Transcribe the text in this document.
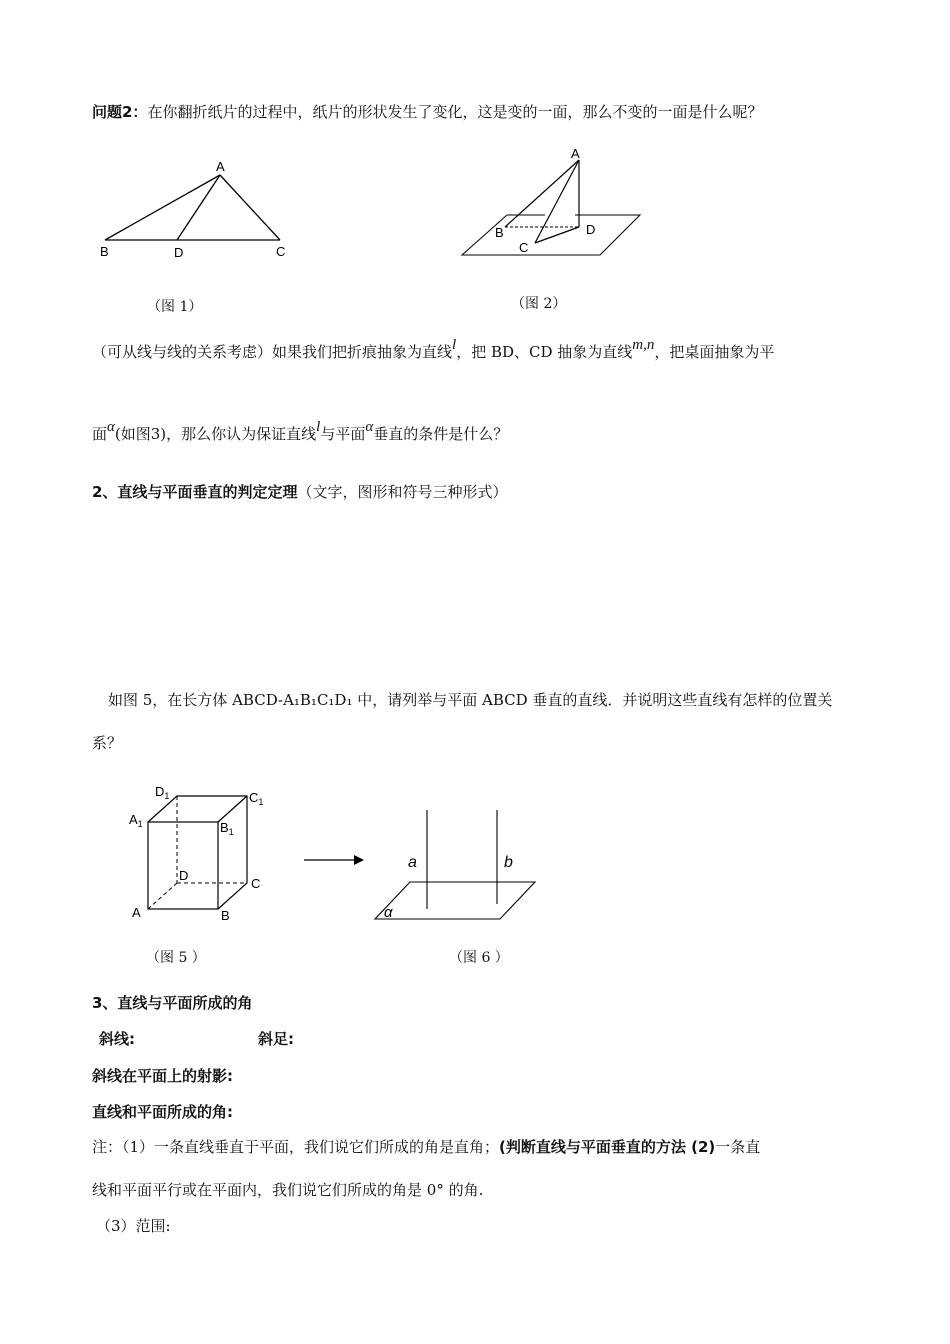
问题2：在你翻折纸片的过程中，纸片的形状发生了变化，这是变的一面，那么不变的一面是什么呢？
A
B	D	C
（图 1）
A
B
C
D
（图 2）
（可从线与线的关系考虑）如果我们把折痕抽象为直线l，把 BD、CD 抽象为直线m,n，把桌面抽象为平
面α(如图3)，那么你认为保证直线l与平面α垂直的条件是什么？
2、直线与平面垂直的判定定理（文字，图形和符号三种形式）
如图 5，在长方体 ABCD-A₁B₁C₁D₁ 中，请列举与平面 ABCD 垂直的直线．并说明这些直线有怎样的位置关
系？
$D_1$	$C_1$
$A_1$	$B_1$
D
C
A	B
（图 5 ）
a	b
α
（图 6 ）
3、直线与平面所成的角
斜线:	斜足:
斜线在平面上的射影:
直线和平面所成的角:
注：（1）一条直线垂直于平面，我们说它们所成的角是直角；(判断直线与平面垂直的方法 (2)一条直
线和平面平行或在平面内，我们说它们所成的角是 0° 的角.
（3）范围:
